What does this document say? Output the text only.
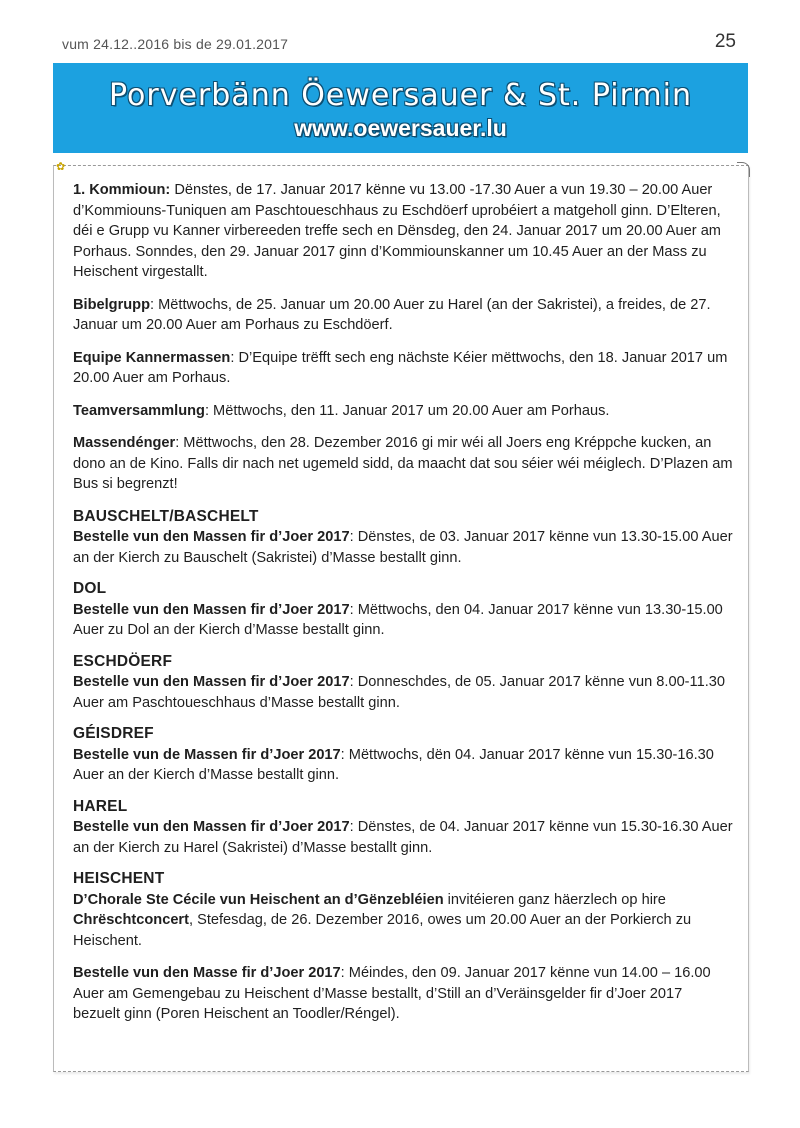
vum 24.12..2016 bis de 29.01.2017	25
Porverbänn Öewersauer & St. Pirmin
www.oewersauer.lu
✿

1. Kommioun: Dënstes, de 17. Januar 2017 kënne vu 13.00 -17.30 Auer a vun 19.30 – 20.00 Auer d’Kommiouns-Tuniquen am Paschtoueschhaus zu Eschdöerf uprobéiert a matgeholl ginn. D’Elteren, déi e Grupp vu Kanner virbereeden treffe sech en Dënsdeg, den 24. Januar 2017 um 20.00 Auer am Porhaus. Sonndes, den 29. Januar 2017 ginn d’Kommiounskanner um 10.45 Auer an der Mass zu Heischent virgestallt.

Bibelgrupp: Mëttwochs, de 25. Januar um 20.00 Auer zu Harel (an der Sakristei), a freides, de 27. Januar um 20.00 Auer am Porhaus zu Eschdöerf.

Equipe Kannermassen: D’Equipe trëfft sech eng nächste Kéier mëttwochs, den 18. Januar 2017 um 20.00 Auer am Porhaus.

Teamversammlung: Mëttwochs, den 11. Januar 2017 um 20.00 Auer am Porhaus.

Massendénger: Mëttwochs, den 28. Dezember 2016 gi mir wéi all Joers eng Kréppche kucken, an dono an de Kino. Falls dir nach net ugemeld sidd, da maacht dat sou séier wéi méiglech. D’Plazen am Bus si begrenzt!

BAUSCHELT/BASCHELT

Bestelle vun den Massen fir d’Joer 2017: Dënstes, de 03. Januar 2017 kënne vun 13.30-15.00 Auer an der Kierch zu Bauschelt (Sakristei) d’Masse bestallt ginn.

DOL

Bestelle vun den Massen fir d’Joer 2017: Mëttwochs, den 04. Januar 2017 kënne vun 13.30-15.00 Auer zu Dol an der Kierch d’Masse bestallt ginn.

ESCHDÖERF

Bestelle vun den Massen fir d’Joer 2017: Donneschdes, de 05. Januar 2017 kënne vun 8.00-11.30 Auer am Paschtoueschhaus d’Masse bestallt ginn.

GÉISDREF

Bestelle vun de Massen fir d’Joer 2017: Mëttwochs, dën 04. Januar 2017 kënne vun 15.30-16.30 Auer an der Kierch d’Masse bestallt ginn.

HAREL

Bestelle vun den Massen fir d’Joer 2017: Dënstes, de 04. Januar 2017 kënne vun 15.30-16.30 Auer an der Kierch zu Harel (Sakristei) d’Masse bestallt ginn.

HEISCHENT

D’Chorale Ste Cécile vun Heischent an d’Gënzebléien invitéieren ganz häerzlech op hire Chrëschtconcert, Stefesdag, de 26. Dezember 2016, owes um 20.00 Auer an der Porkierch zu Heischent.

Bestelle vun den Masse fir d’Joer 2017: Méindes, den 09. Januar 2017 kënne vun 14.00 – 16.00 Auer am Gemengebau zu Heischent d’Masse bestallt, d’Still an d’Veräinsgelder fir d’Joer 2017 bezuelt ginn (Poren Heischent an Toodler/Réngel).
